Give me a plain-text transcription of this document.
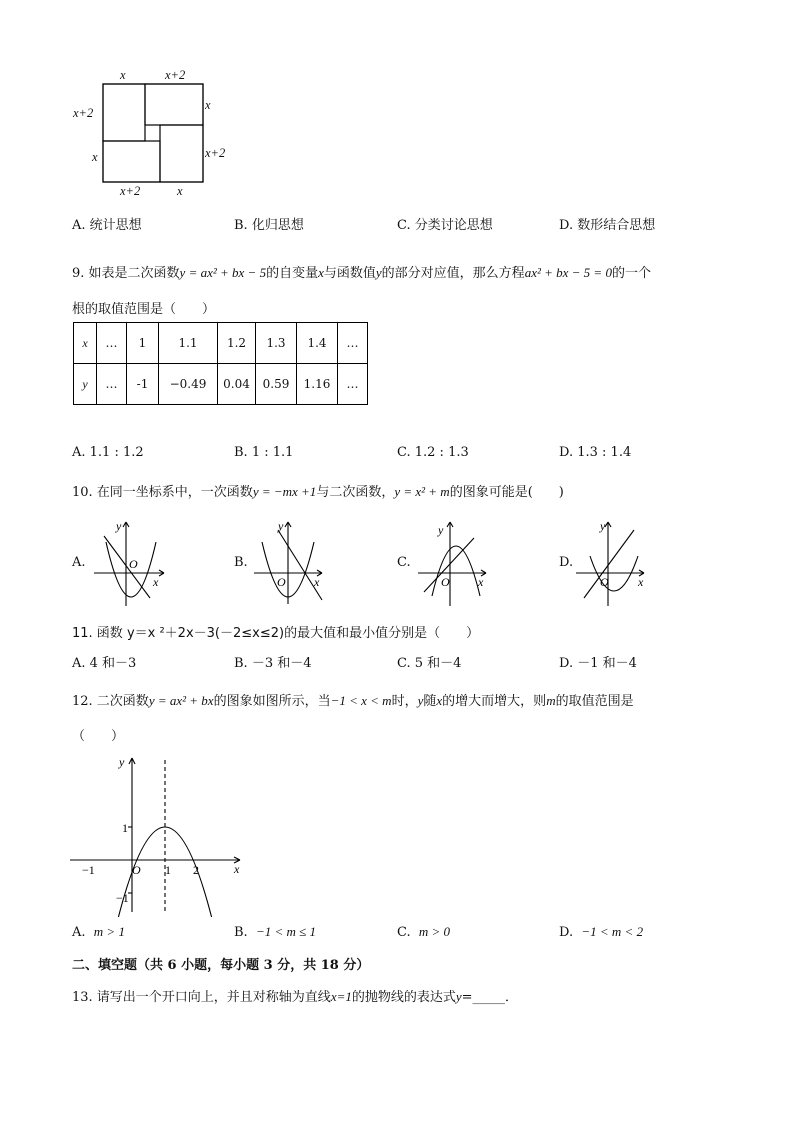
x	x+2
x
x+2
x+2
x
x+2	x
A. 统计思想	B. 化归思想	C. 分类讨论思想	D. 数形结合思想
9. 如表是二次函数y = ax² + bx − 5的自变量x与函数值y的部分对应值，那么方程ax² + bx − 5 = 0的一个
根的取值范围是（　　）
x	…	1	1.1	1.2	1.3	1.4	…
y	…	-1	−0.49	0.04	0.59	1.16	…
A. 1.1 : 1.2	B. 1 : 1.1	C. 1.2 : 1.3	D. 1.3 : 1.4
10. 在同一坐标系中，一次函数y = −mx +1与二次函数，y = x² + m的图象可能是(　　)
A.	B.	C.	D.
y
O
x
y
O x
y
O x
y
O x
11. 函数 y＝x ²＋2x－3(－2≤x≤2)的最大值和最小值分别是（　　）
A. 4 和－3	B. －3 和－4	C. 5 和－4	D. －1 和－4
12. 二次函数y = ax² + bx的图象如图所示，当−1 < x < m时，y随x的增大而增大，则m的取值范围是
（　　）
y
x
O
−1	1 2
1
−1
A. m > 1	B. −1 < m ≤ 1	C. m > 0	D. −1 < m < 2
二、填空题（共 6 小题，每小题 3 分，共 18 分）
13. 请写出一个开口向上，并且对称轴为直线x=1的抛物线的表达式y=_____．
